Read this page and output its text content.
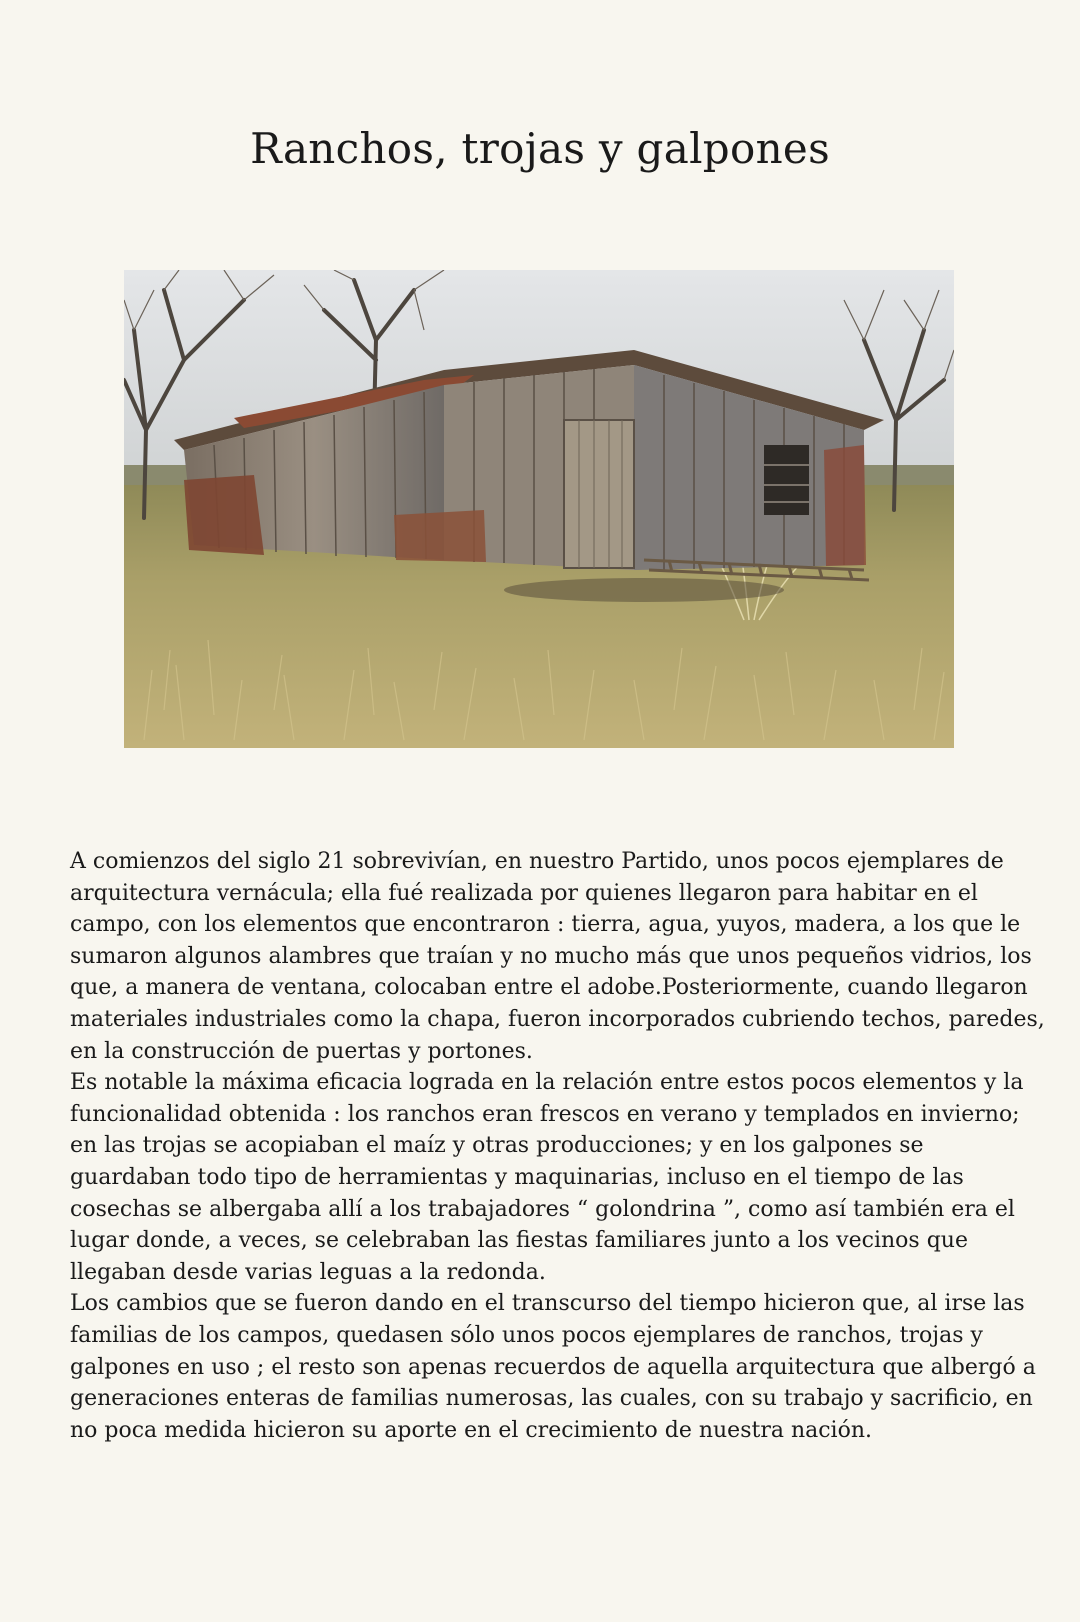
Ranchos, trojas y galpones

A comienzos del siglo 21 sobrevivían, en nuestro Partido, unos pocos ejemplares de arquitectura vernácula; ella fué realizada por quienes llegaron para habitar en el campo, con los elementos que encontraron : tierra, agua, yuyos, madera, a los que le sumaron algunos alambres que traían y no mucho más que unos pequeños vidrios, los que, a manera de ventana, colocaban entre el adobe.Posteriormente, cuando llegaron materiales industriales como la chapa, fueron incorporados cubriendo techos, paredes, en la construcción de puertas y portones.

Es notable la máxima eficacia lograda en la relación entre estos pocos elementos y la funcionalidad obtenida : los ranchos eran frescos en verano y templados en invierno; en las trojas se acopiaban el maíz y otras producciones; y en los galpones se guardaban todo tipo de herramientas y maquinarias, incluso en el tiempo de las cosechas se albergaba allí a los trabajadores “ golondrina ”, como así también era el lugar donde, a veces, se celebraban las fiestas familiares junto a los vecinos que llegaban desde varias leguas a la redonda.

Los cambios que se fueron dando en el transcurso del tiempo hicieron que, al irse las familias de los campos, quedasen sólo unos pocos ejemplares de ranchos, trojas y galpones en uso ; el resto son apenas recuerdos de aquella arquitectura que albergó a generaciones enteras de familias numerosas, las cuales, con su trabajo y sacrificio, en no poca medida hicieron su aporte en el crecimiento de nuestra nación.
